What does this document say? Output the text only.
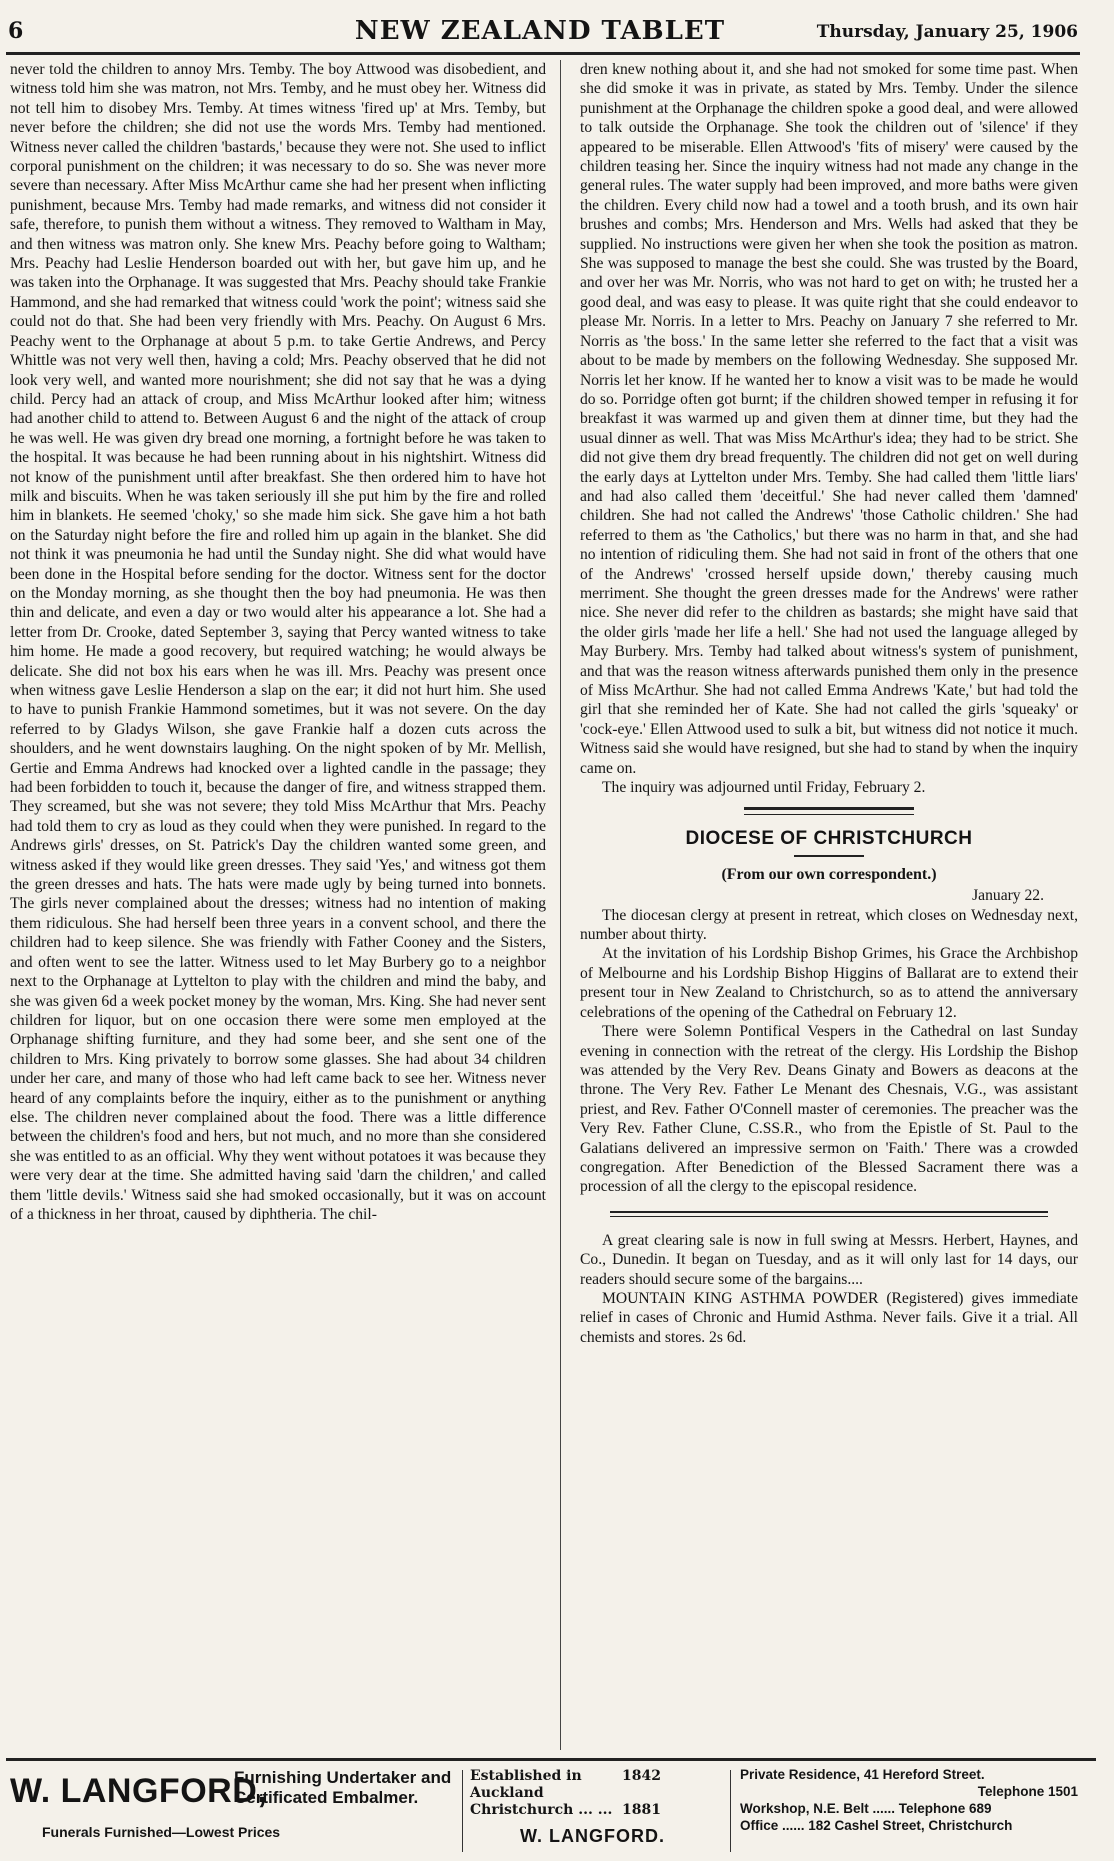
6	NEW ZEALAND TABLET	Thursday, January 25, 1906

never told the children to annoy Mrs. Temby. The boy Attwood was disobedient, and witness told him she was matron, not Mrs. Temby, and he must obey her. Witness did not tell him to disobey Mrs. Temby. At times witness 'fired up' at Mrs. Temby, but never before the children; she did not use the words Mrs. Temby had mentioned. Witness never called the children 'bastards,' because they were not. She used to inflict corporal punishment on the children; it was necessary to do so. She was never more severe than necessary. After Miss McArthur came she had her present when inflicting punishment, because Mrs. Temby had made remarks, and witness did not consider it safe, therefore, to punish them without a witness. They removed to Waltham in May, and then witness was matron only. She knew Mrs. Peachy before going to Waltham; Mrs. Peachy had Leslie Henderson boarded out with her, but gave him up, and he was taken into the Orphanage. It was suggested that Mrs. Peachy should take Frankie Hammond, and she had remarked that witness could 'work the point'; witness said she could not do that. She had been very friendly with Mrs. Peachy. On August 6 Mrs. Peachy went to the Orphanage at about 5 p.m. to take Gertie Andrews, and Percy Whittle was not very well then, having a cold; Mrs. Peachy observed that he did not look very well, and wanted more nourishment; she did not say that he was a dying child. Percy had an attack of croup, and Miss McArthur looked after him; witness had another child to attend to. Between August 6 and the night of the attack of croup he was well. He was given dry bread one morning, a fortnight before he was taken to the hospital. It was because he had been running about in his nightshirt. Witness did not know of the punishment until after breakfast. She then ordered him to have hot milk and biscuits. When he was taken seriously ill she put him by the fire and rolled him in blankets. He seemed 'choky,' so she made him sick. She gave him a hot bath on the Saturday night before the fire and rolled him up again in the blanket. She did not think it was pneumonia he had until the Sunday night. She did what would have been done in the Hospital before sending for the doctor. Witness sent for the doctor on the Monday morning, as she thought then the boy had pneumonia. He was then thin and delicate, and even a day or two would alter his appearance a lot. She had a letter from Dr. Crooke, dated September 3, saying that Percy wanted witness to take him home. He made a good recovery, but required watching; he would always be delicate. She did not box his ears when he was ill. Mrs. Peachy was present once when witness gave Leslie Henderson a slap on the ear; it did not hurt him. She used to have to punish Frankie Hammond sometimes, but it was not severe. On the day referred to by Gladys Wilson, she gave Frankie half a dozen cuts across the shoulders, and he went downstairs laughing. On the night spoken of by Mr. Mellish, Gertie and Emma Andrews had knocked over a lighted candle in the passage; they had been forbidden to touch it, because the danger of fire, and witness strapped them. They screamed, but she was not severe; they told Miss McArthur that Mrs. Peachy had told them to cry as loud as they could when they were punished. In regard to the Andrews girls' dresses, on St. Patrick's Day the children wanted some green, and witness asked if they would like green dresses. They said 'Yes,' and witness got them the green dresses and hats. The hats were made ugly by being turned into bonnets. The girls never complained about the dresses; witness had no intention of making them ridiculous. She had herself been three years in a convent school, and there the children had to keep silence. She was friendly with Father Cooney and the Sisters, and often went to see the latter. Witness used to let May Burbery go to a neighbor next to the Orphanage at Lyttelton to play with the children and mind the baby, and she was given 6d a week pocket money by the woman, Mrs. King. She had never sent children for liquor, but on one occasion there were some men employed at the Orphanage shifting furniture, and they had some beer, and she sent one of the children to Mrs. King privately to borrow some glasses. She had about 34 children under her care, and many of those who had left came back to see her. Witness never heard of any complaints before the inquiry, either as to the punishment or anything else. The children never complained about the food. There was a little difference between the children's food and hers, but not much, and no more than she considered she was entitled to as an official. Why they went without potatoes it was because they were very dear at the time. She admitted having said 'darn the children,' and called them 'little devils.' Witness said she had smoked occasionally, but it was on account of a thickness in her throat, caused by diphtheria. The chil-

dren knew nothing about it, and she had not smoked for some time past. When she did smoke it was in private, as stated by Mrs. Temby. Under the silence punishment at the Orphanage the children spoke a good deal, and were allowed to talk outside the Orphanage. She took the children out of 'silence' if they appeared to be miserable. Ellen Attwood's 'fits of misery' were caused by the children teasing her. Since the inquiry witness had not made any change in the general rules. The water supply had been improved, and more baths were given the children. Every child now had a towel and a tooth brush, and its own hair brushes and combs; Mrs. Henderson and Mrs. Wells had asked that they be supplied. No instructions were given her when she took the position as matron. She was supposed to manage the best she could. She was trusted by the Board, and over her was Mr. Norris, who was not hard to get on with; he trusted her a good deal, and was easy to please. It was quite right that she could endeavor to please Mr. Norris. In a letter to Mrs. Peachy on January 7 she referred to Mr. Norris as 'the boss.' In the same letter she referred to the fact that a visit was about to be made by members on the following Wednesday. She supposed Mr. Norris let her know. If he wanted her to know a visit was to be made he would do so. Porridge often got burnt; if the children showed temper in refusing it for breakfast it was warmed up and given them at dinner time, but they had the usual dinner as well. That was Miss McArthur's idea; they had to be strict. She did not give them dry bread frequently. The children did not get on well during the early days at Lyttelton under Mrs. Temby. She had called them 'little liars' and had also called them 'deceitful.' She had never called them 'damned' children. She had not called the Andrews' 'those Catholic children.' She had referred to them as 'the Catholics,' but there was no harm in that, and she had no intention of ridiculing them. She had not said in front of the others that one of the Andrews' 'crossed herself upside down,' thereby causing much merriment. She thought the green dresses made for the Andrews' were rather nice. She never did refer to the children as bastards; she might have said that the older girls 'made her life a hell.' She had not used the language alleged by May Burbery. Mrs. Temby had talked about witness's system of punishment, and that was the reason witness afterwards punished them only in the presence of Miss McArthur. She had not called Emma Andrews 'Kate,' but had told the girl that she reminded her of Kate. She had not called the girls 'squeaky' or 'cock-eye.' Ellen Attwood used to sulk a bit, but witness did not notice it much. Witness said she would have resigned, but she had to stand by when the inquiry came on.

The inquiry was adjourned until Friday, February 2.

DIOCESE OF CHRISTCHURCH
(From our own correspondent.)
January 22.

The diocesan clergy at present in retreat, which closes on Wednesday next, number about thirty.

At the invitation of his Lordship Bishop Grimes, his Grace the Archbishop of Melbourne and his Lordship Bishop Higgins of Ballarat are to extend their present tour in New Zealand to Christchurch, so as to attend the anniversary celebrations of the opening of the Cathedral on February 12.

There were Solemn Pontifical Vespers in the Cathedral on last Sunday evening in connection with the retreat of the clergy. His Lordship the Bishop was attended by the Very Rev. Deans Ginaty and Bowers as deacons at the throne. The Very Rev. Father Le Menant des Chesnais, V.G., was assistant priest, and Rev. Father O'Connell master of ceremonies. The preacher was the Very Rev. Father Clune, C.SS.R., who from the Epistle of St. Paul to the Galatians delivered an impressive sermon on 'Faith.' There was a crowded congregation. After Benediction of the Blessed Sacrament there was a procession of all the clergy to the episcopal residence.

A great clearing sale is now in full swing at Messrs. Herbert, Haynes, and Co., Dunedin. It began on Tuesday, and as it will only last for 14 days, our readers should secure some of the bargains....

MOUNTAIN KING ASTHMA POWDER (Registered) gives immediate relief in cases of Chronic and Humid Asthma. Never fails. Give it a trial. All chemists and stores. 2s 6d.

W. LANGFORD,
Furnishing Undertaker and
Certificated Embalmer.
Funerals Furnished—Lowest Prices
Established in Auckland
1842
Christchurch ... ... 1881
W. LANGFORD.
Private Residence, 41 Hereford Street.
Telephone 1501
Workshop, N.E. Belt ...... Telephone 689
Office ...... 182 Cashel Street, Christchurch
